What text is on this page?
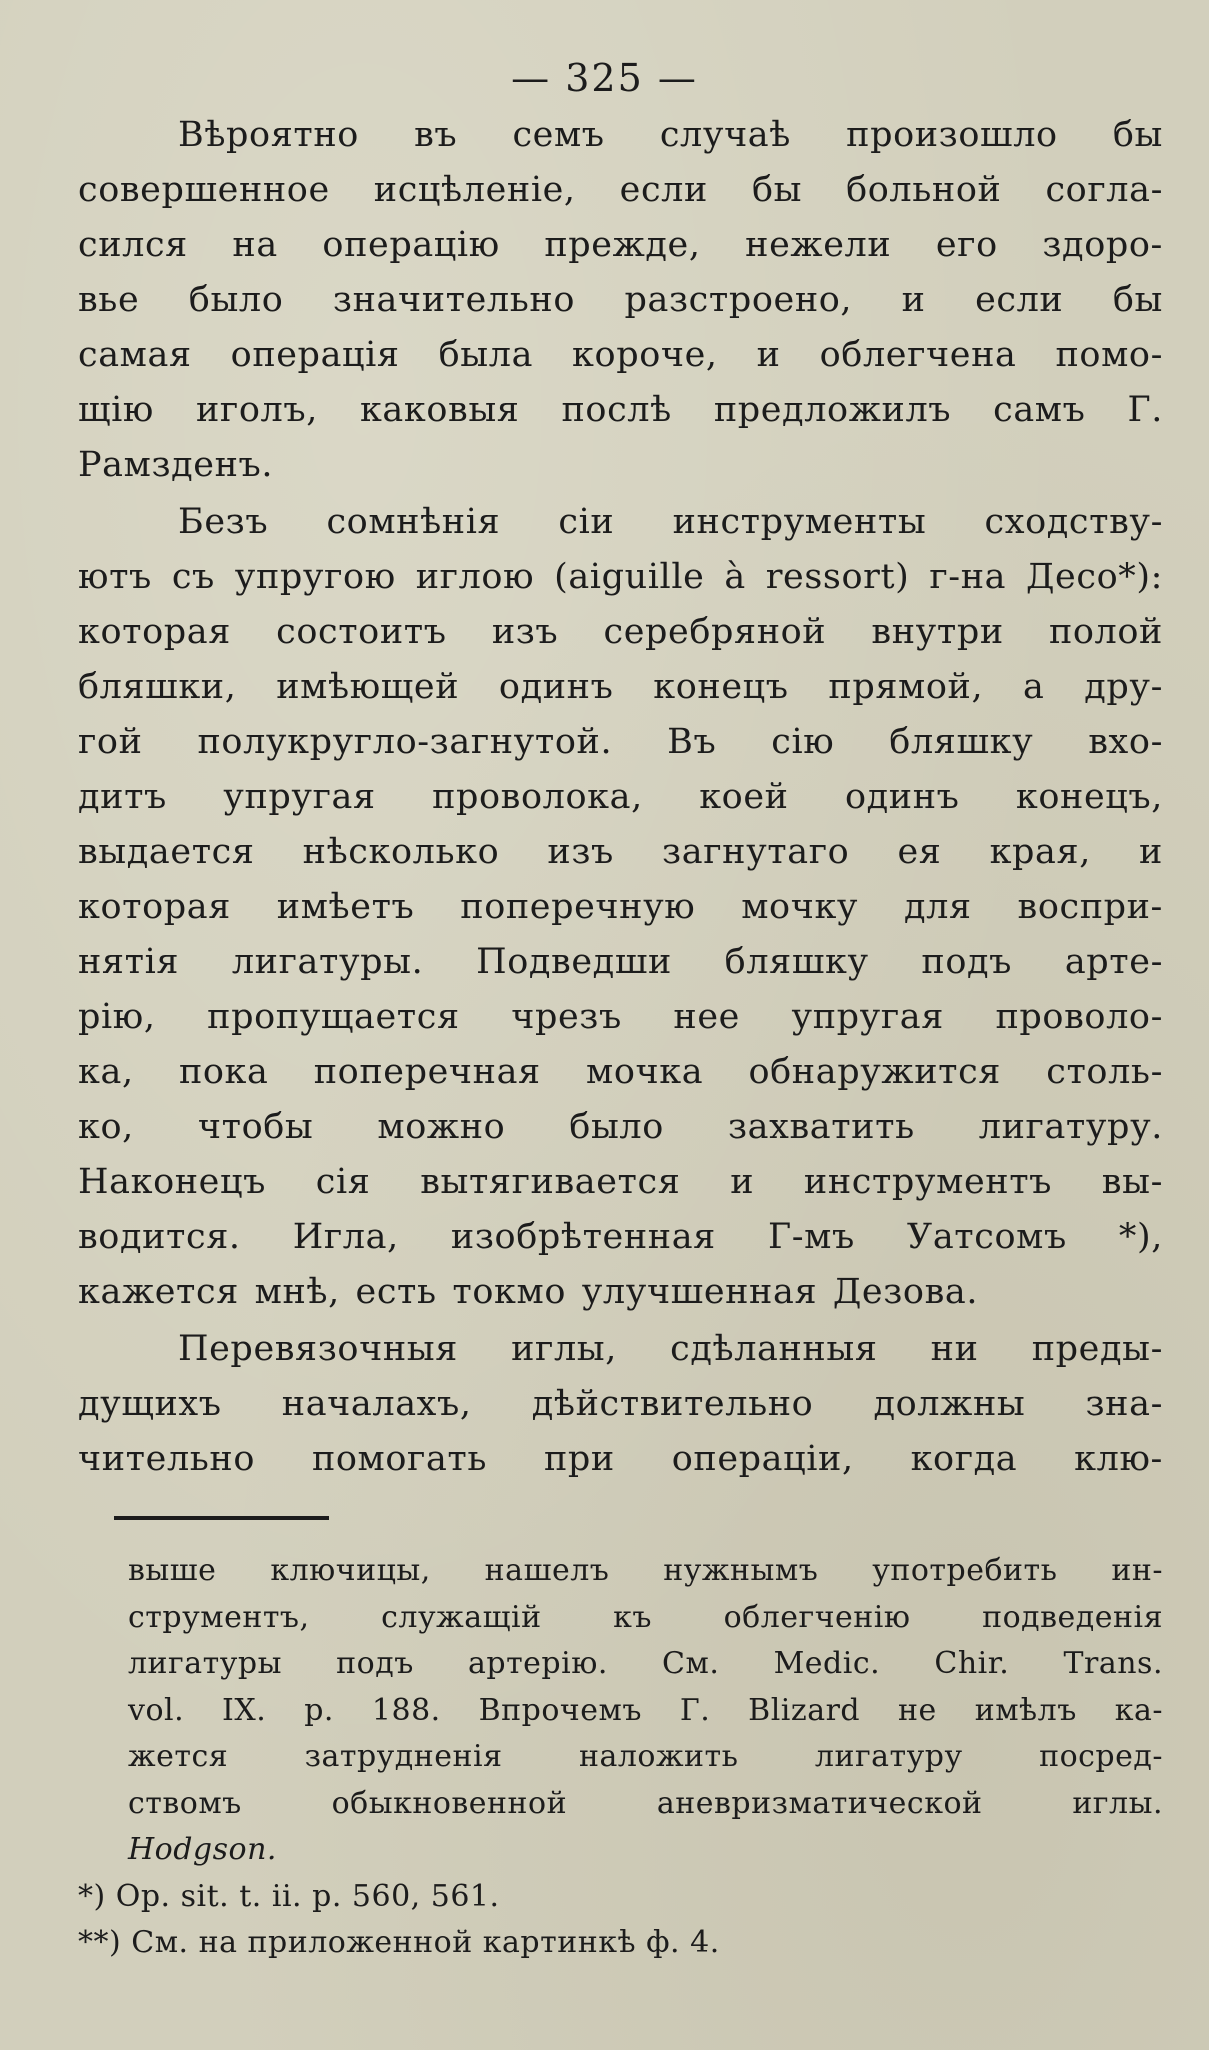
— 325 —
Вѣроятно въ семъ случаѣ произошло бы
совершенное исцѣленіе, если бы больной согла-
сился на операцію прежде, нежели его здоро-
вье было значительно разстроено, и если бы
самая операція была короче, и облегчена помо-
щію иголъ, каковыя послѣ предложилъ самъ Г.
Рамзденъ.
Безъ сомнѣнія сіи инструменты сходству-
ютъ съ упругою иглою (aiguille à ressort) г-на Десо*):
которая состоитъ изъ серебряной внутри полой
бляшки, имѣющей одинъ конецъ прямой, а дру-
гой полукругло-загнутой. Въ сію бляшку вхо-
дитъ упругая проволока, коей одинъ конецъ,
выдается нѣсколько изъ загнутаго ея края, и
которая имѣетъ поперечную мочку для воспри-
нятія лигатуры. Подведши бляшку подъ арте-
рію, пропущается чрезъ нее упругая проволо-
ка, пока поперечная мочка обнаружится столь-
ко, чтобы можно было захватить лигатуру.
Наконецъ сія вытягивается и инструментъ вы-
водится. Игла, изобрѣтенная Г-мъ Уатсомъ *),
кажется мнѣ, есть токмо улучшенная Дезова.
Перевязочныя иглы, сдѣланныя ни преды-
дущихъ началахъ, дѣйствительно должны зна-
чительно помогать при операціи, когда клю-
выше ключицы, нашелъ нужнымъ употребить ин-
струментъ, служащій къ облегченію подведенія
лигатуры подъ артерію. См. Medic. Chir. Trans.
vol. IX. p. 188. Впрочемъ Г. Blizard не имѣлъ ка-
жется затрудненія наложить лигатуру посред-
ствомъ обыкновенной аневризматической иглы.
Hodgson.
*) Op. sit. t. ii. p. 560, 561.
**) См. на приложенной картинкѣ ф. 4.
